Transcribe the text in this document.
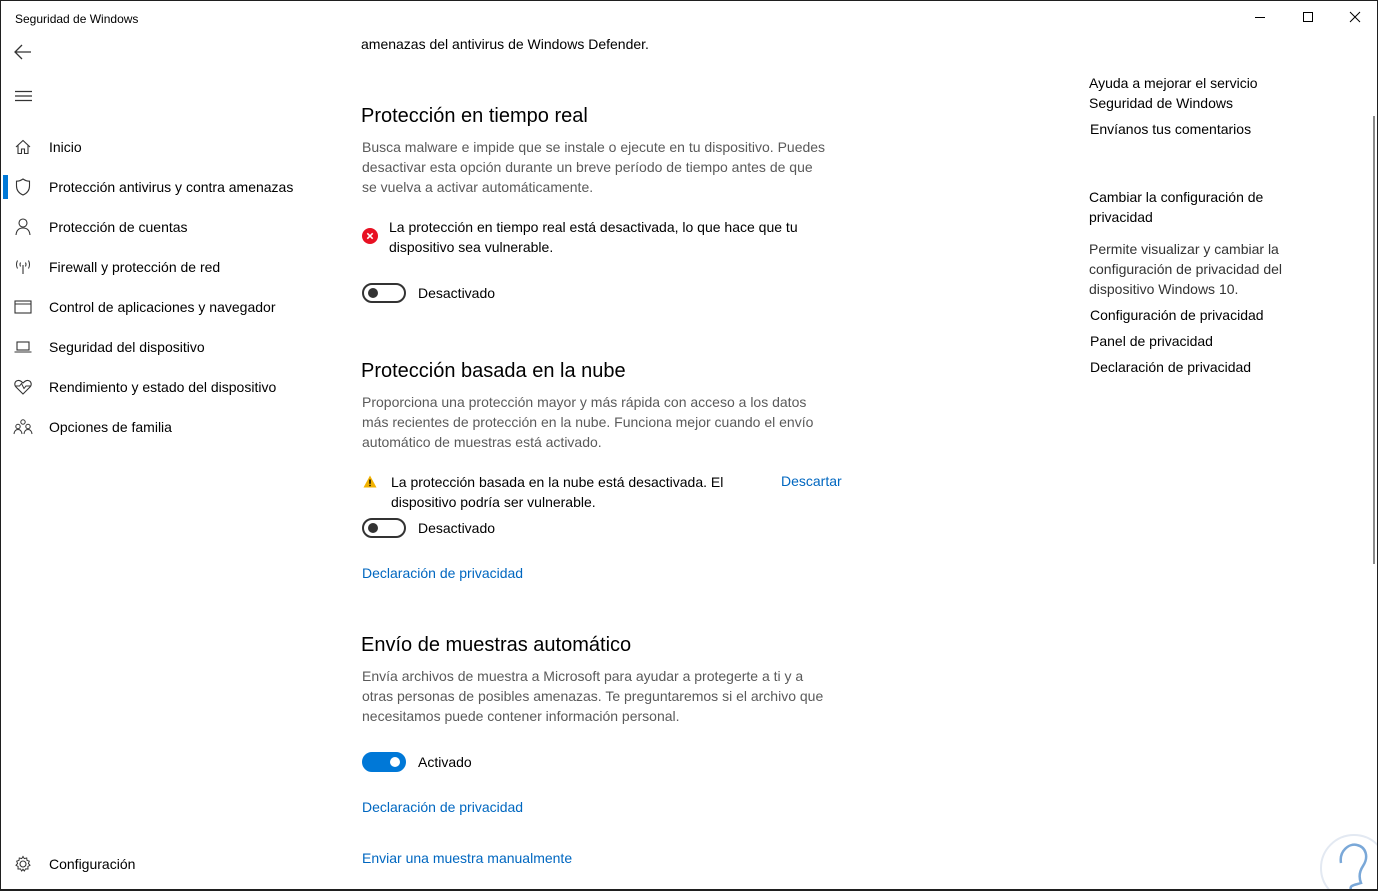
Seguridad de Windows
Inicio
Protección antivirus y contra amenazas
Protección de cuentas
Firewall y protección de red
Control de aplicaciones y navegador
Seguridad del dispositivo
Rendimiento y estado del dispositivo
Opciones de familia
Configuración
amenazas del antivirus de Windows Defender.
Protección en tiempo real
Busca malware e impide que se instale o ejecute en tu dispositivo. Puedes
desactivar esta opción durante un breve período de tiempo antes de que
se vuelva a activar automáticamente.
La protección en tiempo real está desactivada, lo que hace que tu
dispositivo sea vulnerable.
Desactivado
Protección basada en la nube
Proporciona una protección mayor y más rápida con acceso a los datos
más recientes de protección en la nube. Funciona mejor cuando el envío
automático de muestras está activado.
La protección basada en la nube está desactivada. El
dispositivo podría ser vulnerable.
Descartar
Desactivado
Declaración de privacidad
Envío de muestras automático
Envía archivos de muestra a Microsoft para ayudar a protegerte a ti y a
otras personas de posibles amenazas. Te preguntaremos si el archivo que
necesitamos puede contener información personal.
Activado
Declaración de privacidad
Enviar una muestra manualmente
Ayuda a mejorar el servicio
Seguridad de Windows
Envíanos tus comentarios
Cambiar la configuración de
privacidad
Permite visualizar y cambiar la
configuración de privacidad del
dispositivo Windows 10.
Configuración de privacidad
Panel de privacidad
Declaración de privacidad
